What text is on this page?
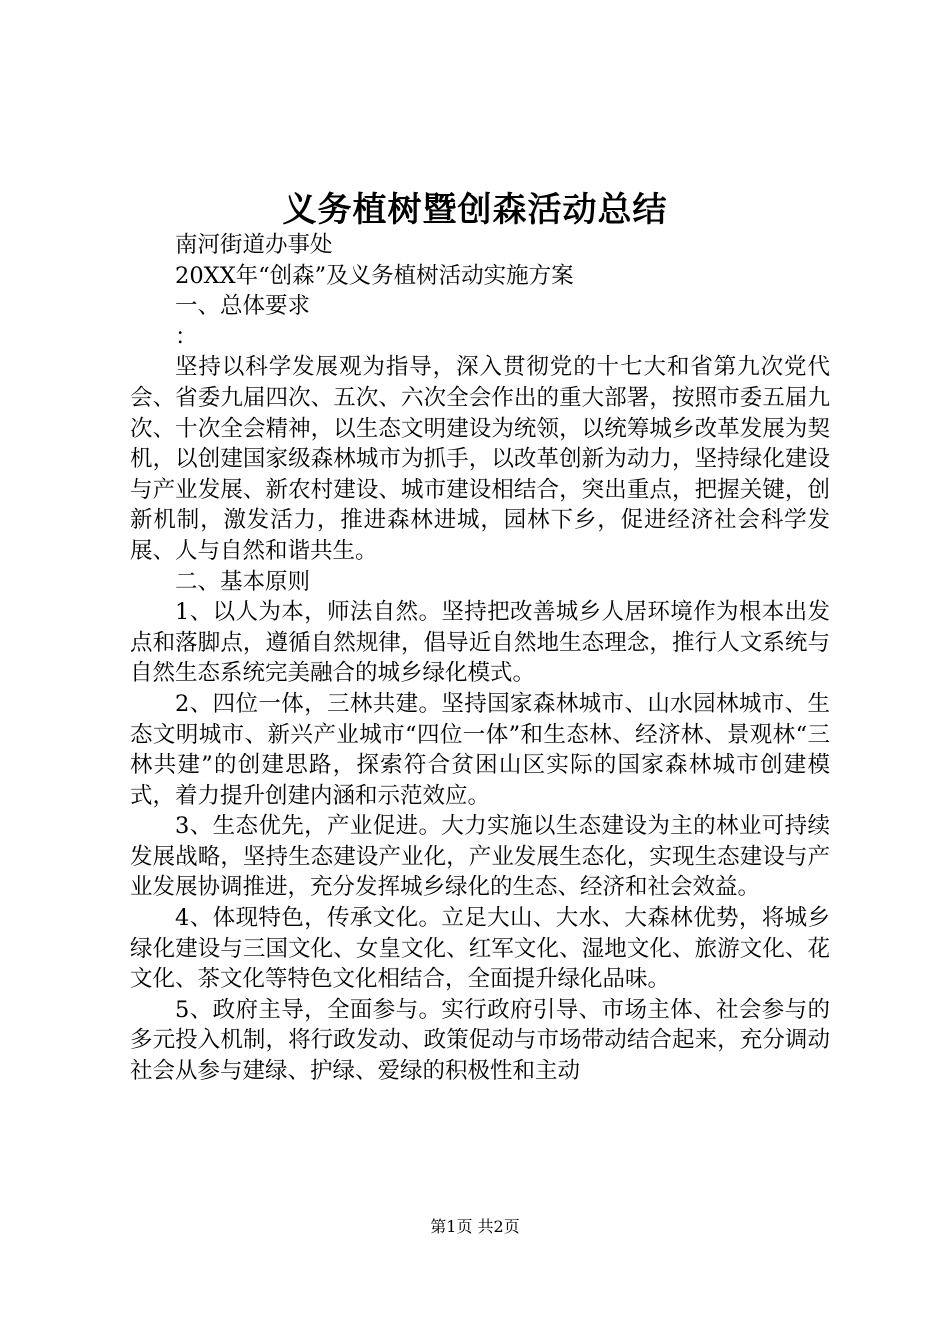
义务植树暨创森活动总结
南河街道办事处
20XX年“创森”及义务植树活动实施方案
一、总体要求
：

坚持以科学发展观为指导，深入贯彻党的十七大和省第九次党代会、省委九届四次、五次、六次全会作出的重大部署，按照市委五届九次、十次全会精神，以生态文明建设为统领，以统筹城乡改革发展为契机，以创建国家级森林城市为抓手，以改革创新为动力，坚持绿化建设与产业发展、新农村建设、城市建设相结合，突出重点，把握关键，创新机制，激发活力，推进森林进城，园林下乡，促进经济社会科学发展、人与自然和谐共生。

二、基本原则

1、以人为本，师法自然。坚持把改善城乡人居环境作为根本出发点和落脚点，遵循自然规律，倡导近自然地生态理念，推行人文系统与自然生态系统完美融合的城乡绿化模式。

2、四位一体，三林共建。坚持国家森林城市、山水园林城市、生态文明城市、新兴产业城市“四位一体”和生态林、经济林、景观林“三林共建”的创建思路，探索符合贫困山区实际的国家森林城市创建模式，着力提升创建内涵和示范效应。

3、生态优先，产业促进。大力实施以生态建设为主的林业可持续发展战略，坚持生态建设产业化，产业发展生态化，实现生态建设与产业发展协调推进，充分发挥城乡绿化的生态、经济和社会效益。

4、体现特色，传承文化。立足大山、大水、大森林优势，将城乡绿化建设与三国文化、女皇文化、红军文化、湿地文化、旅游文化、花文化、茶文化等特色文化相结合，全面提升绿化品味。

5、政府主导，全面参与。实行政府引导、市场主体、社会参与的多元投入机制，将行政发动、政策促动与市场带动结合起来，充分调动社会从参与建绿、护绿、爱绿的积极性和主动

第1页 共2页
